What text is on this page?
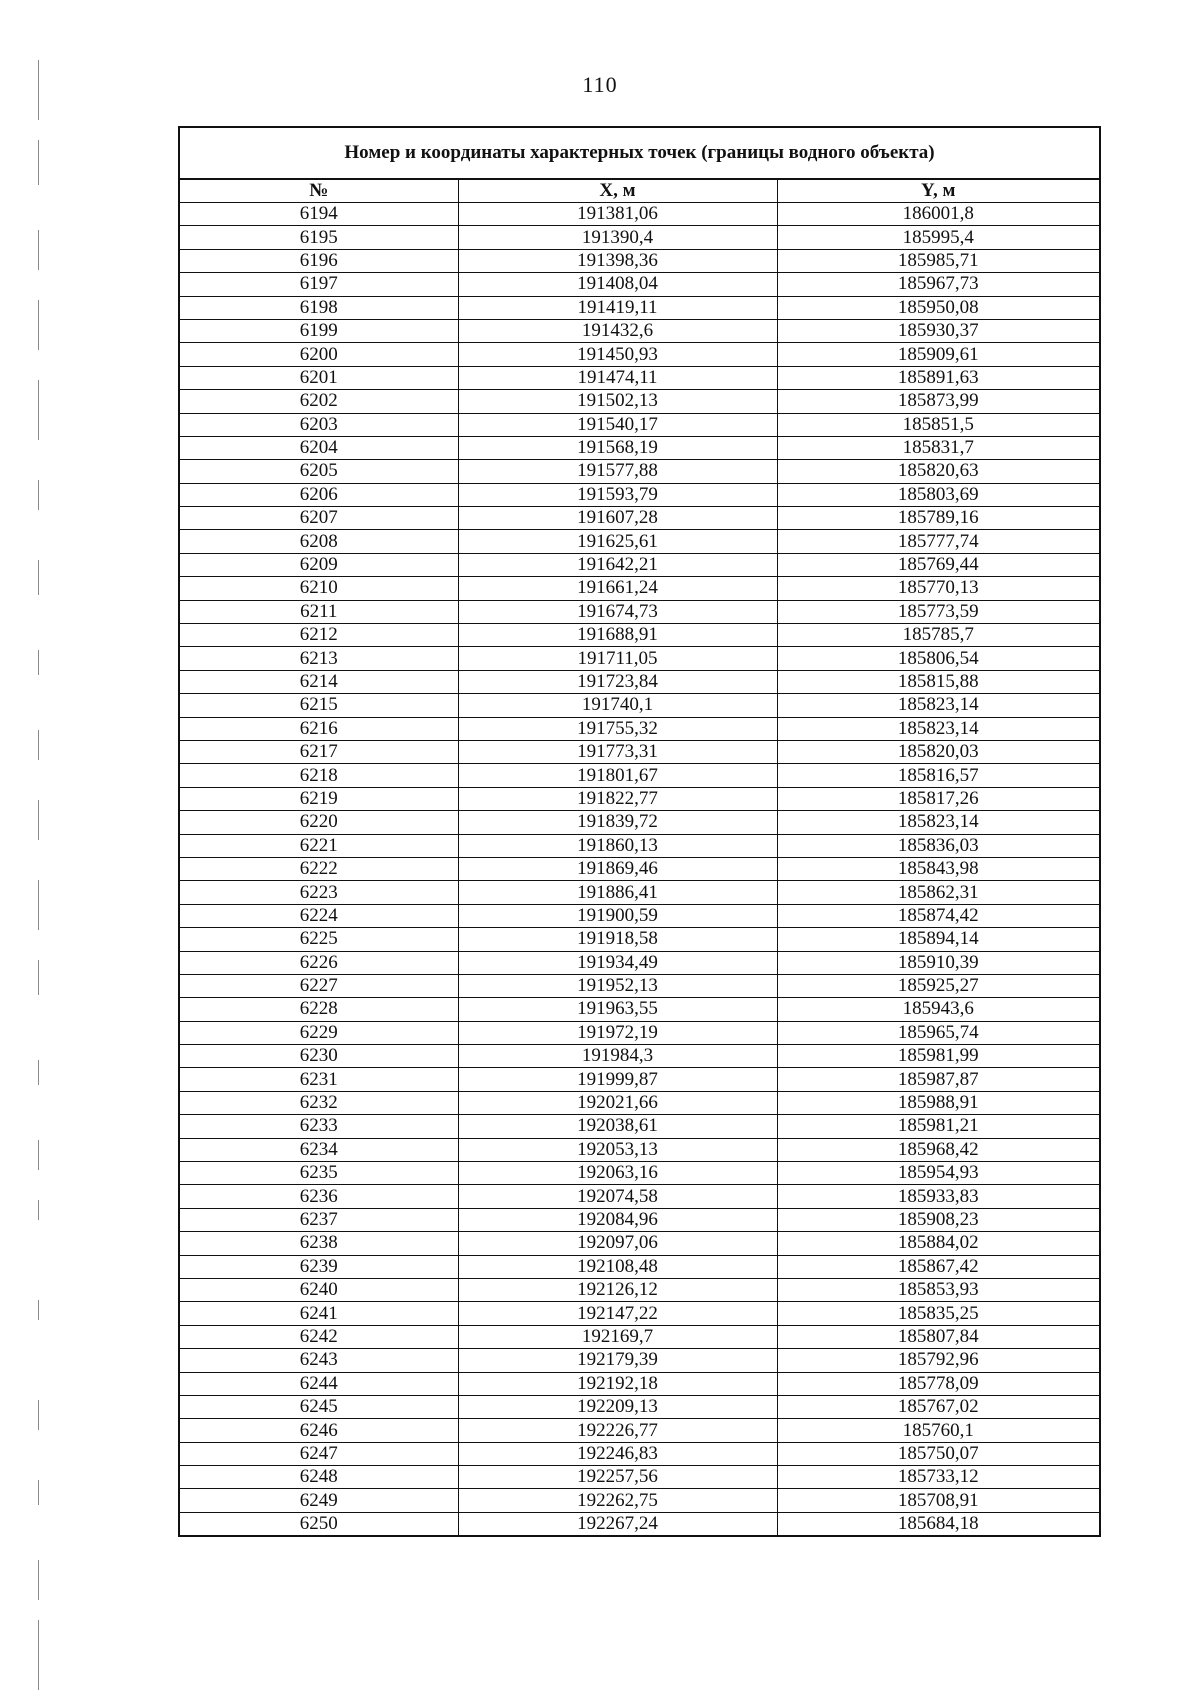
110
Номер и координаты характерных точек (границы водного объекта)		
№	X, м	Y, м
6194	191381,06	186001,8
6195	191390,4	185995,4
6196	191398,36	185985,71
6197	191408,04	185967,73
6198	191419,11	185950,08
6199	191432,6	185930,37
6200	191450,93	185909,61
6201	191474,11	185891,63
6202	191502,13	185873,99
6203	191540,17	185851,5
6204	191568,19	185831,7
6205	191577,88	185820,63
6206	191593,79	185803,69
6207	191607,28	185789,16
6208	191625,61	185777,74
6209	191642,21	185769,44
6210	191661,24	185770,13
6211	191674,73	185773,59
6212	191688,91	185785,7
6213	191711,05	185806,54
6214	191723,84	185815,88
6215	191740,1	185823,14
6216	191755,32	185823,14
6217	191773,31	185820,03
6218	191801,67	185816,57
6219	191822,77	185817,26
6220	191839,72	185823,14
6221	191860,13	185836,03
6222	191869,46	185843,98
6223	191886,41	185862,31
6224	191900,59	185874,42
6225	191918,58	185894,14
6226	191934,49	185910,39
6227	191952,13	185925,27
6228	191963,55	185943,6
6229	191972,19	185965,74
6230	191984,3	185981,99
6231	191999,87	185987,87
6232	192021,66	185988,91
6233	192038,61	185981,21
6234	192053,13	185968,42
6235	192063,16	185954,93
6236	192074,58	185933,83
6237	192084,96	185908,23
6238	192097,06	185884,02
6239	192108,48	185867,42
6240	192126,12	185853,93
6241	192147,22	185835,25
6242	192169,7	185807,84
6243	192179,39	185792,96
6244	192192,18	185778,09
6245	192209,13	185767,02
6246	192226,77	185760,1
6247	192246,83	185750,07
6248	192257,56	185733,12
6249	192262,75	185708,91
6250	192267,24	185684,18
